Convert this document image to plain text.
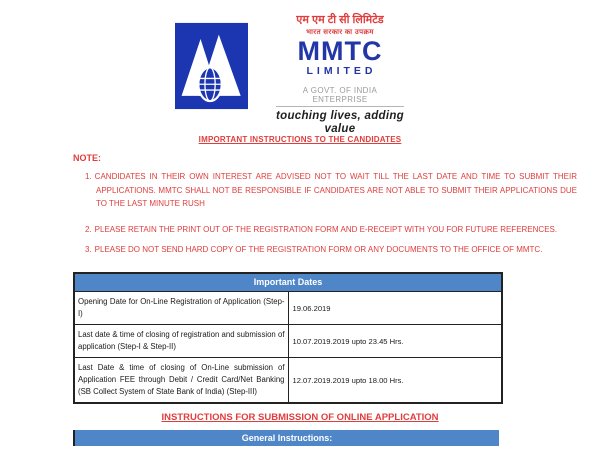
एम एम टी सी लिमिटेड
भारत सरकार का उपक्रम
MMTC
LIMITED
A GOVT. OF INDIA ENTERPRISE
touching lives, adding value
IMPORTANT INSTRUCTIONS TO THE CANDIDATES
NOTE:
1. CANDIDATES IN THEIR OWN INTEREST ARE ADVISED NOT TO WAIT TILL THE LAST DATE AND TIME TO SUBMIT THEIR APPLICATIONS. MMTC SHALL NOT BE RESPONSIBLE IF CANDIDATES ARE NOT ABLE TO SUBMIT THEIR APPLICATIONS DUE TO THE LAST MINUTE RUSH
2. PLEASE RETAIN THE PRINT OUT OF THE REGISTRATION FORM AND E-RECEIPT WITH YOU FOR FUTURE REFERENCES.
3. PLEASE DO NOT SEND HARD COPY OF THE REGISTRATION FORM OR ANY DOCUMENTS TO THE OFFICE OF MMTC.
Important Dates	
Opening Date for On-Line Registration of Application (Step-I)	19.06.2019
Last date & time of closing of registration and submission of application (Step-I & Step-II)	10.07.2019.2019 upto 23.45 Hrs.
Last Date & time of closing of On-Line submission of Application FEE through Debit / Credit Card/Net Banking (SB Collect System of State Bank of India) (Step-III)	12.07.2019.2019 upto 18.00 Hrs.
INSTRUCTIONS FOR SUBMISSION OF ONLINE APPLICATION
General Instructions:
